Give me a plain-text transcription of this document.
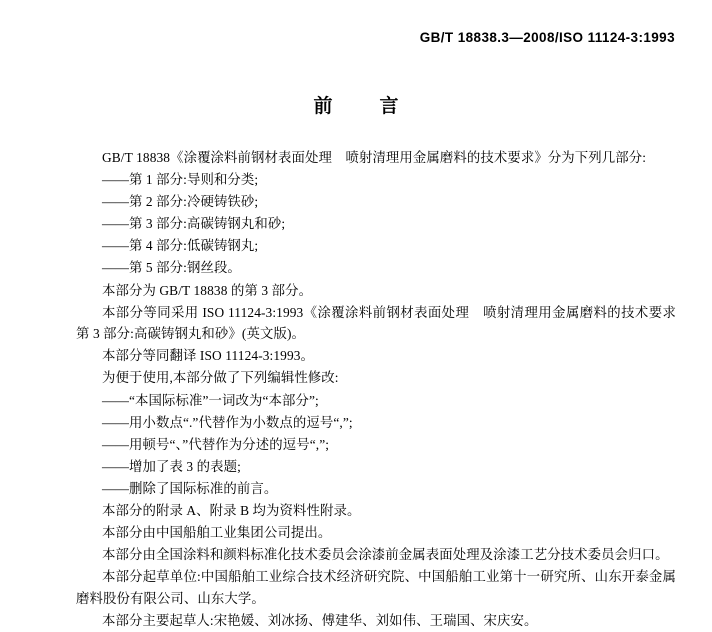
GB/T 18838.3—2008/ISO 11124-3:1993
前　言

GB/T 18838《涂覆涂料前钢材表面处理　喷射清理用金属磨料的技术要求》分为下列几部分:

——第 1 部分:导则和分类;

——第 2 部分:冷硬铸铁砂;

——第 3 部分:高碳铸钢丸和砂;

——第 4 部分:低碳铸钢丸;

——第 5 部分:钢丝段。

本部分为 GB/T 18838 的第 3 部分。

本部分等同采用 ISO 11124-3:1993《涂覆涂料前钢材表面处理　喷射清理用金属磨料的技术要求　第 3 部分:高碳铸钢丸和砂》(英文版)。

本部分等同翻译 ISO 11124-3:1993。

为便于使用,本部分做了下列编辑性修改:

——“本国际标准”一词改为“本部分”;

——用小数点“.”代替作为小数点的逗号“,”;

——用顿号“、”代替作为分述的逗号“,”;

——增加了表 3 的表题;

——删除了国际标准的前言。

本部分的附录 A、附录 B 均为资料性附录。

本部分由中国船舶工业集团公司提出。

本部分由全国涂料和颜料标准化技术委员会涂漆前金属表面处理及涂漆工艺分技术委员会归口。

本部分起草单位:中国船舶工业综合技术经济研究院、中国船舶工业第十一研究所、山东开泰金属磨料股份有限公司、山东大学。

本部分主要起草人:宋艳媛、刘冰扬、傅建华、刘如伟、王瑞国、宋庆安。
